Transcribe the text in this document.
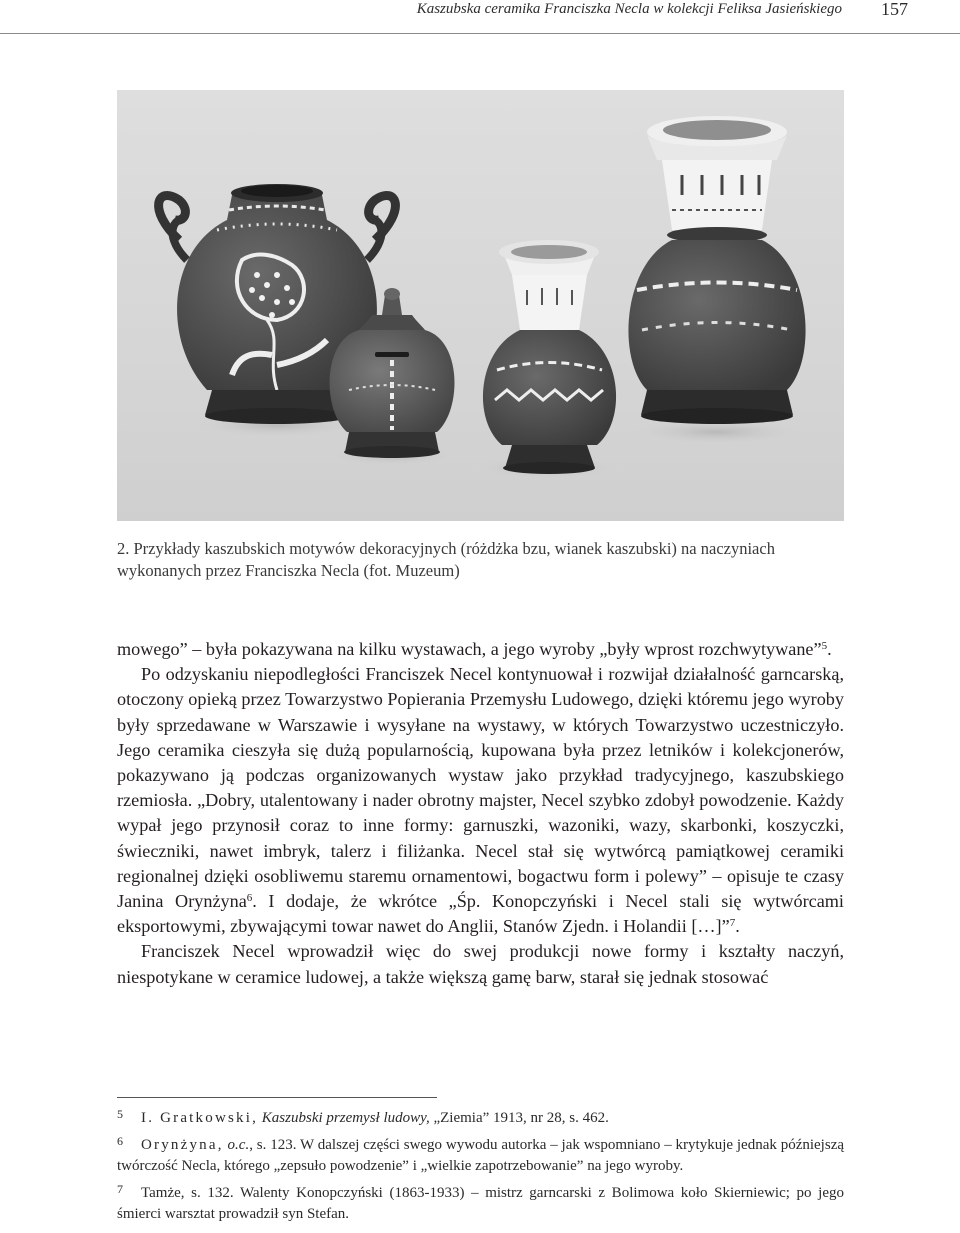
Kaszubska ceramika Franciszka Necla w kolekcji Feliksa Jasieńskiego 157
2. Przykłady kaszubskich motywów dekoracyjnych (różdżka bzu, wianek kaszubski) na naczyniach
wykonanych przez Franciszka Necla (fot. Muzeum)

mowego” – była pokazywana na kilku wystawach, a jego wyroby „były wprost rozchwytywane”$^5$.

Po odzyskaniu niepodległości Franciszek Necel kontynuował i rozwijał działalność garncarską, otoczony opieką przez Towarzystwo Popierania Przemysłu Ludowego, dzięki któremu jego wyroby były sprzedawane w Warszawie i wysyłane na wystawy, w których Towarzystwo uczestniczyło. Jego ceramika cieszyła się dużą popularnością, kupowana była przez letników i kolekcjonerów, pokazywano ją podczas organizowanych wystaw jako przykład tradycyjnego, kaszubskiego rzemiosła. „Dobry, utalentowany i nader obrotny majster, Necel szybko zdobył powodzenie. Każdy wypał jego przynosił coraz to inne formy: garnuszki, wazoniki, wazy, skarbonki, koszyczki, świeczniki, nawet imbryk, talerz i filiżanka. Necel stał się wytwórcą pamiątkowej ceramiki regionalnej dzięki osobliwemu staremu ornamentowi, bogactwu form i polewy” – opisuje te czasy Janina Orynżyna$^6$. I dodaje, że wkrótce „Śp. Konopczyński i Necel stali się wytwórcami eksportowymi, zbywającymi towar nawet do Anglii, Stanów Zjedn. i Holandii […]”$^7$.

Franciszek Necel wprowadził więc do swej produkcji nowe formy i kształty naczyń, niespotykane w ceramice ludowej, a także większą gamę barw, starał się jednak stosować

5 I. Gratkowski, Kaszubski przemysł ludowy, „Ziemia” 1913, nr 28, s. 462.
6 Orynżyna, o.c., s. 123. W dalszej części swego wywodu autorka – jak wspomniano – krytykuje jednak późniejszą twórczość Necla, którego „zepsuło powodzenie” i „wielkie zapotrzebowanie” na jego wyroby.
7 Tamże, s. 132. Walenty Konopczyński (1863-1933) – mistrz garncarski z Bolimowa koło Skierniewic; po jego śmierci warsztat prowadził syn Stefan.
